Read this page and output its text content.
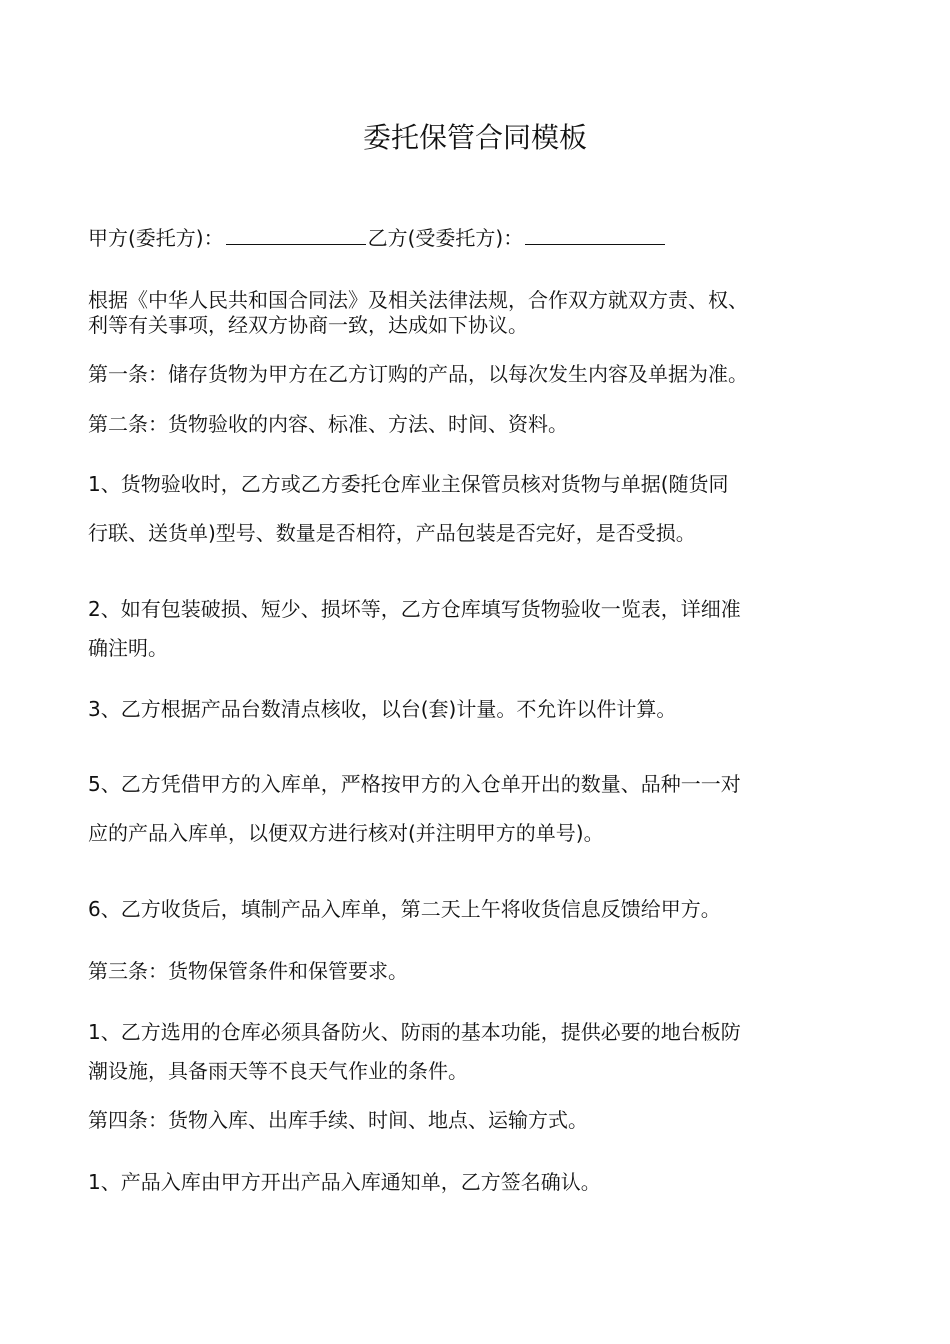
委托保管合同模板

甲方(委托方)：	乙方(受委托方)：

根据《中华人民共和国合同法》及相关法律法规，合作双方就双方责、权、

利等有关事项，经双方协商一致，达成如下协议。

第一条：储存货物为甲方在乙方订购的产品，以每次发生内容及单据为准。

第二条：货物验收的内容、标准、方法、时间、资料。

1、货物验收时，乙方或乙方委托仓库业主保管员核对货物与单据(随货同

行联、送货单)型号、数量是否相符，产品包装是否完好，是否受损。

2、如有包装破损、短少、损坏等，乙方仓库填写货物验收一览表，详细准

确注明。

3、乙方根据产品台数清点核收，以台(套)计量。不允许以件计算。

5、乙方凭借甲方的入库单，严格按甲方的入仓单开出的数量、品种一一对

应的产品入库单，以便双方进行核对(并注明甲方的单号)。

6、乙方收货后，填制产品入库单，第二天上午将收货信息反馈给甲方。

第三条：货物保管条件和保管要求。

1、乙方选用的仓库必须具备防火、防雨的基本功能，提供必要的地台板防

潮设施，具备雨天等不良天气作业的条件。

第四条：货物入库、出库手续、时间、地点、运输方式。

1、产品入库由甲方开出产品入库通知单，乙方签名确认。
